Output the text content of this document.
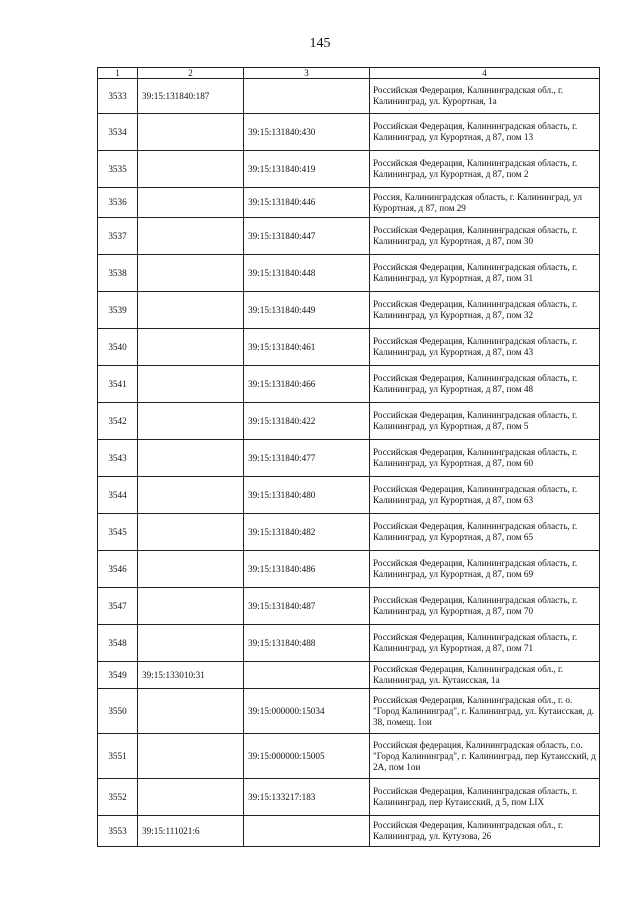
145
1	2	3	4
3533	39:15:131840:187		Российская Федерация, Калининградская обл., г. Калининград, ул. Курортная, 1а
3534		39:15:131840:430	Российская Федерация, Калининградская область, г. Калининград, ул Курортная, д 87, пом 13
3535		39:15:131840:419	Российская Федерация, Калининградская область, г. Калининград, ул Курортная, д 87, пом 2
3536		39:15:131840:446	Россия, Калининградская область, г. Калининград, ул Курортная, д 87, пом 29
3537		39:15:131840:447	Российская Федерация, Калининградская область, г. Калининград, ул Курортная, д 87, пом 30
3538		39:15:131840:448	Российская Федерация, Калининградская область, г. Калининград, ул Курортная, д 87, пом 31
3539		39:15:131840:449	Российская Федерация, Калининградская область, г. Калининград, ул Курортная, д 87, пом 32
3540		39:15:131840:461	Российская Федерация, Калининградская область, г. Калининград, ул Курортная, д 87, пом 43
3541		39:15:131840:466	Российская Федерация, Калининградская область, г. Калининград, ул Курортная, д 87, пом 48
3542		39:15:131840:422	Российская Федерация, Калининградская область, г. Калининград, ул Курортная, д 87, пом 5
3543		39:15:131840:477	Российская Федерация, Калининградская область, г. Калининград, ул Курортная, д 87, пом 60
3544		39:15:131840:480	Российская Федерация, Калининградская область, г. Калининград, ул Курортная, д 87, пом 63
3545		39:15:131840:482	Российская Федерация, Калининградская область, г. Калининград, ул Курортная, д 87, пом 65
3546		39:15:131840:486	Российская Федерация, Калининградская область, г. Калининград, ул Курортная, д 87, пом 69
3547		39:15:131840:487	Российская Федерация, Калининградская область, г. Калининград, ул Курортная, д 87, пом 70
3548		39:15:131840:488	Российская Федерация, Калининградская область, г. Калининград, ул Курортная, д 87, пом 71
3549	39:15:133010:31		Российская Федерация, Калининградская обл., г. Калининград, ул. Кутаисская, 1а
3550		39:15:000000:15034	Российская Федерация, Калининградская обл., г. о. "Город Калининград", г. Калининград, ул. Кутаисская, д. 38, помещ. 1ои
3551		39:15:000000:15005	Российская федерация, Калининградская область, г.о. "Город Калининград", г. Калининград, пер Кутаисский, д 2А, пом 1ои
3552		39:15:133217:183	Российская Федерация, Калининградская область, г. Калининград, пер Кутаисский, д 5, пом LIX
3553	39:15:111021:6		Российская Федерация, Калининградская обл., г. Калининград, ул. Кутузова, 26
